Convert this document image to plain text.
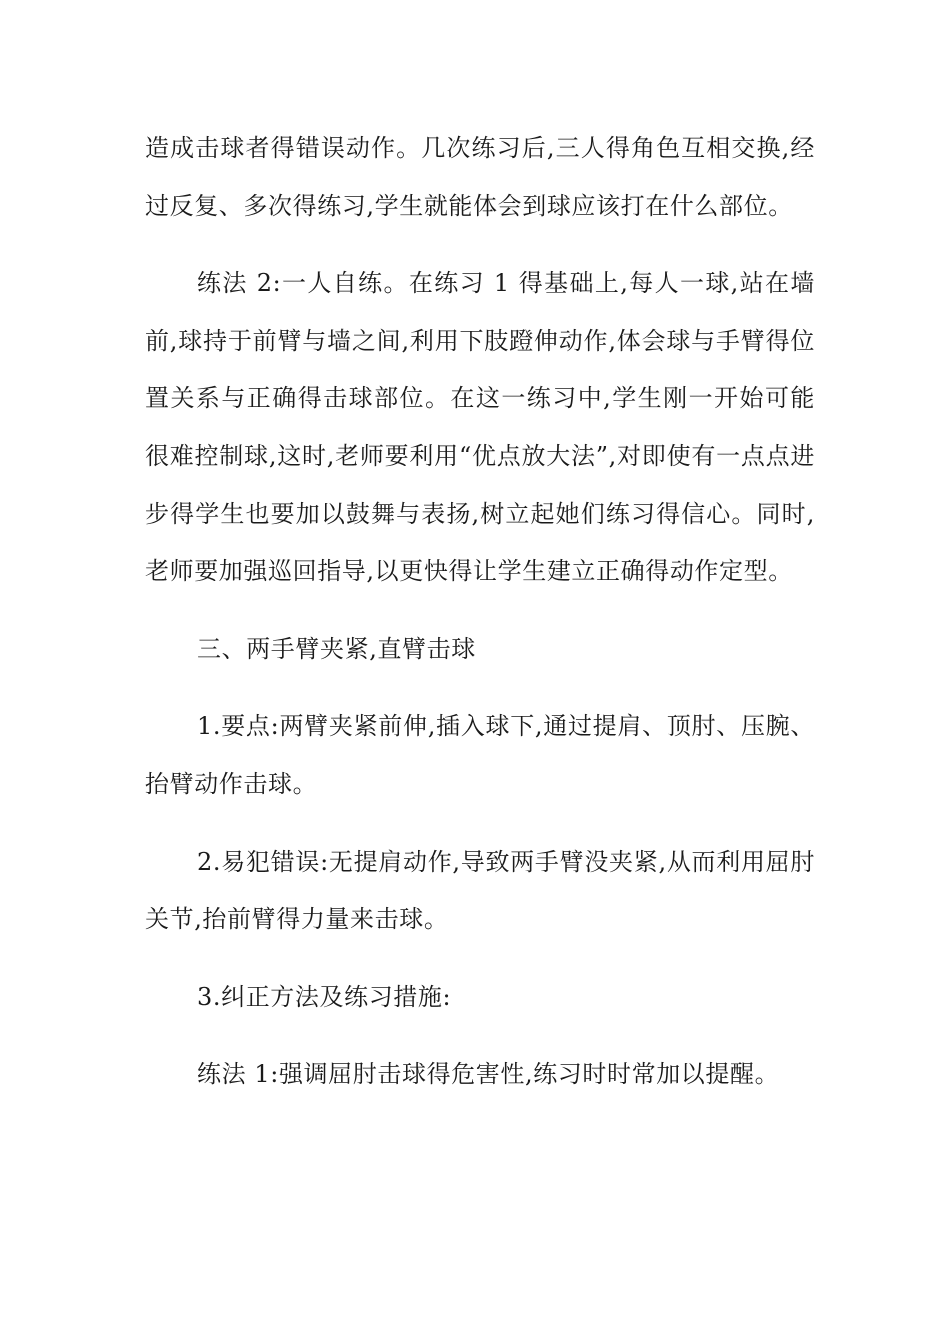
造成击球者得错误动作。几次练习后,三人得角色互相交换,经过反复、多次得练习,学生就能体会到球应该打在什么部位。

练法 2:一人自练。在练习 1 得基础上,每人一球,站在墙前,球持于前臂与墙之间,利用下肢蹬伸动作,体会球与手臂得位置关系与正确得击球部位。在这一练习中,学生刚一开始可能很难控制球,这时,老师要利用“优点放大法”,对即使有一点点进步得学生也要加以鼓舞与表扬,树立起她们练习得信心。同时,老师要加强巡回指导,以更快得让学生建立正确得动作定型。

三、两手臂夹紧,直臂击球

1.要点:两臂夹紧前伸,插入球下,通过提肩、顶肘、压腕、抬臂动作击球。

2.易犯错误:无提肩动作,导致两手臂没夹紧,从而利用屈肘关节,抬前臂得力量来击球。

3.纠正方法及练习措施:

练法 1:强调屈肘击球得危害性,练习时时常加以提醒。
